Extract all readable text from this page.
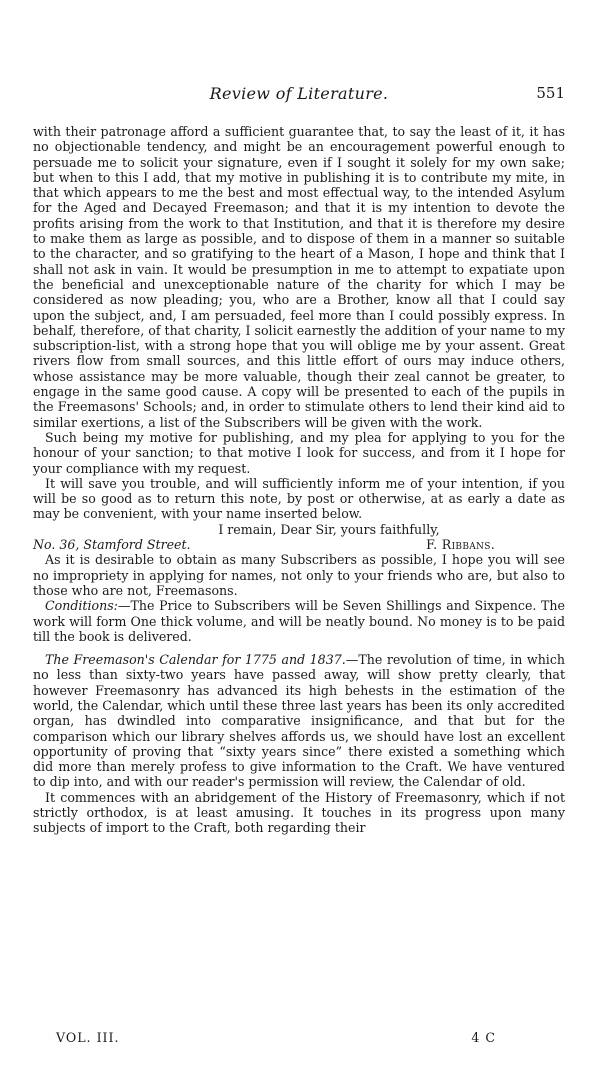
Review of Literature.	551

with their patronage afford a sufficient guarantee that, to say the least of it, it has no objectionable tendency, and might be an encouragement powerful enough to persuade me to solicit your signature, even if I sought it solely for my own sake; but when to this I add, that my motive in publishing it is to contribute my mite, in that which appears to me the best and most effectual way, to the intended Asylum for the Aged and Decayed Freemason; and that it is my intention to devote the profits arising from the work to that Institution, and that it is therefore my desire to make them as large as possible, and to dispose of them in a manner so suitable to the character, and so gratifying to the heart of a Mason, I hope and think that I shall not ask in vain. It would be presumption in me to attempt to expatiate upon the beneficial and unexceptionable nature of the charity for which I may be considered as now pleading; you, who are a Brother, know all that I could say upon the subject, and, I am persuaded, feel more than I could possibly express. In behalf, therefore, of that charity, I solicit earnestly the addition of your name to my subscription-list, with a strong hope that you will oblige me by your assent. Great rivers flow from small sources, and this little effort of ours may induce others, whose assistance may be more valuable, though their zeal cannot be greater, to engage in the same good cause. A copy will be presented to each of the pupils in the Freemasons' Schools; and, in order to stimulate others to lend their kind aid to similar exertions, a list of the Subscribers will be given with the work.

Such being my motive for publishing, and my plea for applying to you for the honour of your sanction; to that motive I look for success, and from it I hope for your compliance with my request.

It will save you trouble, and will sufficiently inform me of your intention, if you will be so good as to return this note, by post or otherwise, at as early a date as may be convenient, with your name inserted below.

I remain, Dear Sir, yours faithfully,
No. 36, Stamford Street.	F. Ribbans.

As it is desirable to obtain as many Subscribers as possible, I hope you will see no impropriety in applying for names, not only to your friends who are, but also to those who are not, Freemasons.

Conditions:—The Price to Subscribers will be Seven Shillings and Sixpence. The work will form One thick volume, and will be neatly bound. No money is to be paid till the book is delivered.

The Freemason's Calendar for 1775 and 1837.—The revolution of time, in which no less than sixty-two years have passed away, will show pretty clearly, that however Freemasonry has advanced its high behests in the estimation of the world, the Calendar, which until these three last years has been its only accredited organ, has dwindled into comparative insignificance, and that but for the comparison which our library shelves affords us, we should have lost an excellent opportunity of proving that “sixty years since” there existed a something which did more than merely profess to give information to the Craft. We have ventured to dip into, and with our reader's permission will review, the Calendar of old.

It commences with an abridgement of the History of Freemasonry, which if not strictly orthodox, is at least amusing. It touches in its progress upon many subjects of import to the Craft, both regarding their

VOL. III.	4 C
